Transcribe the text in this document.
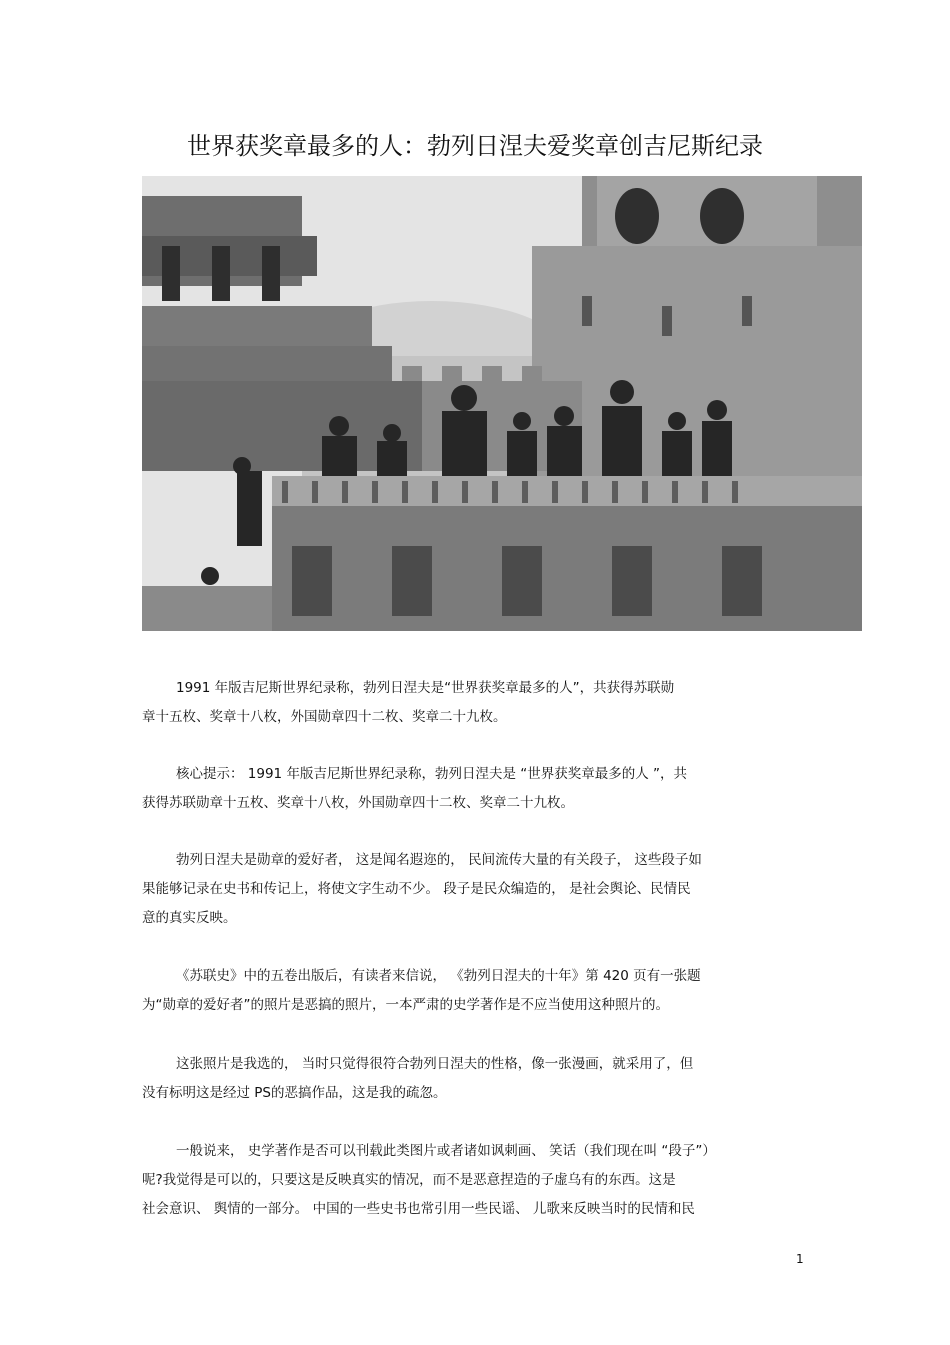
世界获奖章最多的人：勃列日涅夫爱奖章创吉尼斯纪录

1991 年版吉尼斯世界纪录称，勃列日涅夫是“世界获奖章最多的人”，共获得苏联勋
章十五枚、奖章十八枚，外国勋章四十二枚、奖章二十九枚。

核心提示： 1991 年版吉尼斯世界纪录称，勃列日涅夫是 “世界获奖章最多的人 ”，共
获得苏联勋章十五枚、奖章十八枚，外国勋章四十二枚、奖章二十九枚。

勃列日涅夫是勋章的爱好者， 这是闻名遐迩的， 民间流传大量的有关段子， 这些段子如
果能够记录在史书和传记上，将使文字生动不少。 段子是民众编造的， 是社会舆论、民情民
意的真实反映。

《苏联史》中的五卷出版后，有读者来信说， 《勃列日涅夫的十年》第 420 页有一张题
为“勋章的爱好者”的照片是恶搞的照片，一本严肃的史学著作是不应当使用这种照片的。

这张照片是我选的， 当时只觉得很符合勃列日涅夫的性格，像一张漫画，就采用了，但
没有标明这是经过 PS的恶搞作品，这是我的疏忽。

一般说来， 史学著作是否可以刊载此类图片或者诸如讽刺画、 笑话（我们现在叫 “段子”）
呢?我觉得是可以的，只要这是反映真实的情况，而不是恶意捏造的子虚乌有的东西。这是
社会意识、 舆情的一部分。 中国的一些史书也常引用一些民谣、 儿歌来反映当时的民情和民

1
